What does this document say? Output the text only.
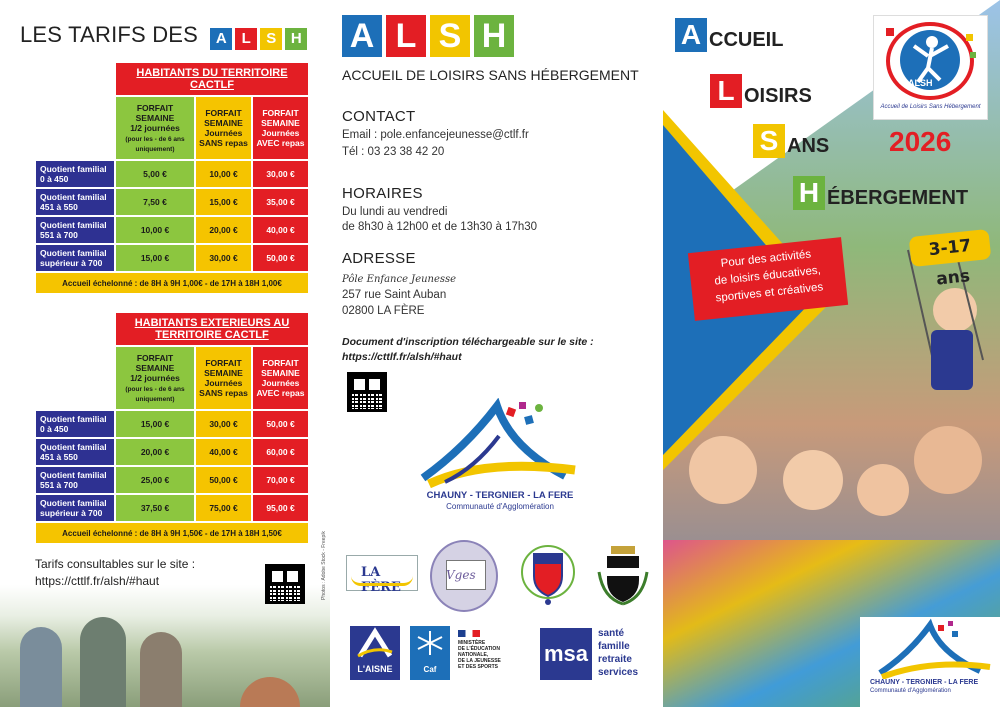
LES TARIFS DES A L S H
	HABITANTS DU TERRITOIRE
CACTLF		
	FORFAIT
SEMAINE
1/2 journées
(pour les - de 6 ans
uniquement)	FORFAIT
SEMAINE
Journées
SANS repas	FORFAIT
SEMAINE
Journées
AVEC repas
Quotient familial
0 à 450	5,00 €	10,00 €	30,00 €
Quotient familial
451 à 550	7,50 €	15,00 €	35,00 €
Quotient familial
551 à 700	10,00 €	20,00 €	40,00 €
Quotient familial
supérieur à 700	15,00 €	30,00 €	50,00 €
Accueil échelonné : de 8H à 9H 1,00€ - de 17H à 18H 1,00€			
	HABITANTS EXTERIEURS AU
TERRITOIRE CACTLF		
	FORFAIT
SEMAINE
1/2 journées
(pour les - de 6 ans
uniquement)	FORFAIT
SEMAINE
Journées
SANS repas	FORFAIT
SEMAINE
Journées
AVEC repas
Quotient familial
0 à 450	15,00 €	30,00 €	50,00 €
Quotient familial
451 à 550	20,00 €	40,00 €	60,00 €
Quotient familial
551 à 700	25,00 €	50,00 €	70,00 €
Quotient familial
supérieur à 700	37,50 €	75,00 €	95,00 €
Accueil échelonné : de 8H à 9H 1,50€ - de 17H à 18H 1,50€			
Tarifs consultables sur le site :
https://cttlf.fr/alsh/#haut	Photos : Adobe Stock - Freepik
A L S H
ACCUEIL DE LOISIRS SANS HÉBERGEMENT
CONTACT
Email : pole.enfancejeunesse@ctlf.fr
Tél : 03 23 38 42 20
HORAIRES
Du lundi au vendredi
de 8h30 à 12h00 et de 13h30 à 17h30
ADRESSE
Pôle Enfance Jeunesse
257 rue Saint Auban
02800 LA FÈRE
Document d'inscription téléchargeable sur le site :
https://cttlf.fr/alsh/#haut
CHAUNY - TERGNIER - LA FERE
Communauté d'Agglomération
LA FÈRE
Vges
L'AISNE	Caf
MINISTÈRE
DE L'ÉDUCATION
NATIONALE,
DE LA JEUNESSE
ET DES SPORTS
msa
santé
famille
retraite
services
A CCUEIL
L OISIRS
S ANS
H ÉBERGEMENT
ALSH
Accueil de Loisirs Sans Hébergement
2026
Pour des activités
de loisirs éducatives,
sportives et créatives
3-17 ans
CHAUNY - TERGNIER - LA FERE
Communauté d'Agglomération
